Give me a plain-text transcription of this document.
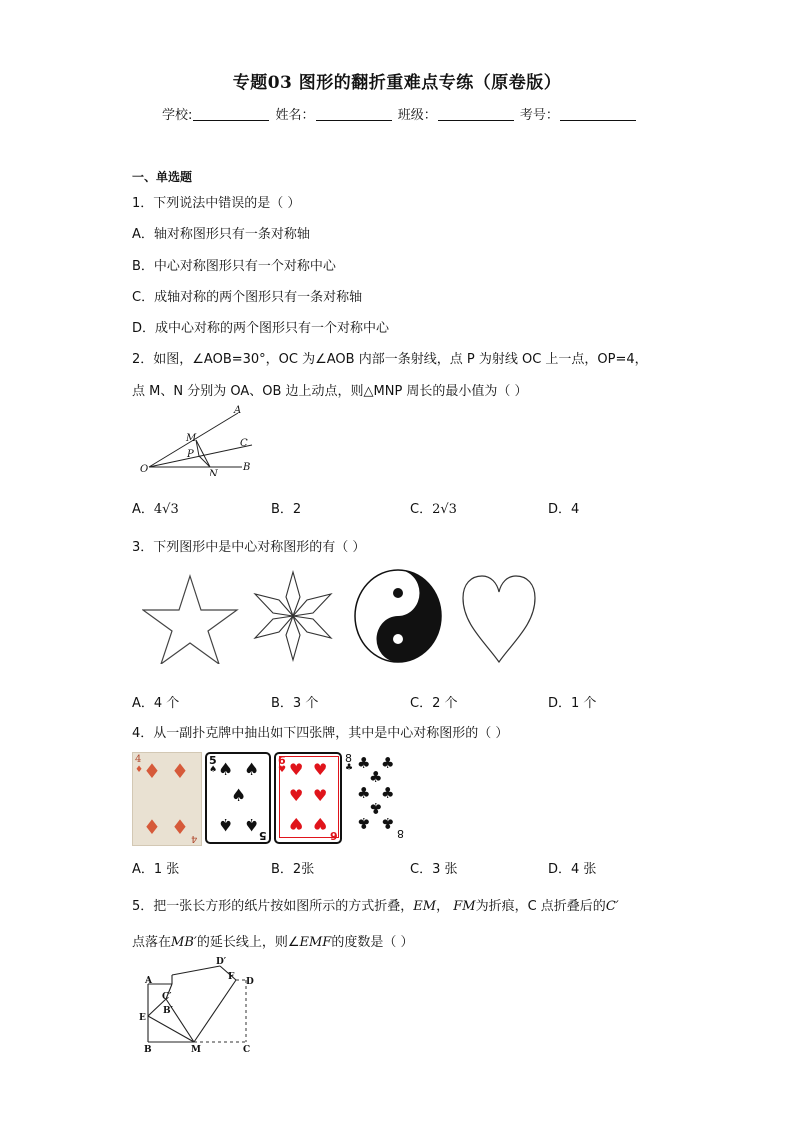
专题03 图形的翻折重难点专练（原卷版）
学校:	姓名：	班级：	考号：
一、单选题
1．下列说法中错误的是（ ）
A．轴对称图形只有一条对称轴
B．中心对称图形只有一个对称中心
C．成轴对称的两个图形只有一条对称轴
D．成中心对称的两个图形只有一个对称中心
2．如图，∠AOB=30°，OC 为∠AOB 内部一条射线，点 P 为射线 OC 上一点，OP=4，
点 M、N 分别为 OA、OB 边上动点，则△MNP 周长的最小值为（ ）
A
C
B
O
M
P
N
A．4√3	B．2	C．2√3	D．4
3．下列图形中是中心对称图形的有（ ）
A．4 个	B．3 个	C．2 个	D．1 个
4．从一副扑克牌中抽出如下四张牌，其中是中心对称图形的（ ）
4
♦ ♦ ♦
♦ ♦ 4
5
♠ ♠ ♠
♠
♠ ♠
5
6
♥ ♥ ♥
♥ ♥
♥ ♥
6
8
♣ ♣ ♣
♣
♣ ♣
♣
♣ ♣
8
A．1 张	B．2张	C．3 张	D．4 张
5．把一张长方形的纸片按如图所示的方式折叠，EM， FM为折痕，C 点折叠后的C′
点落在MB′的延长线上，则∠EMF的度数是（ ）
A
D′
F D
C′
B′
E
B	M	C
